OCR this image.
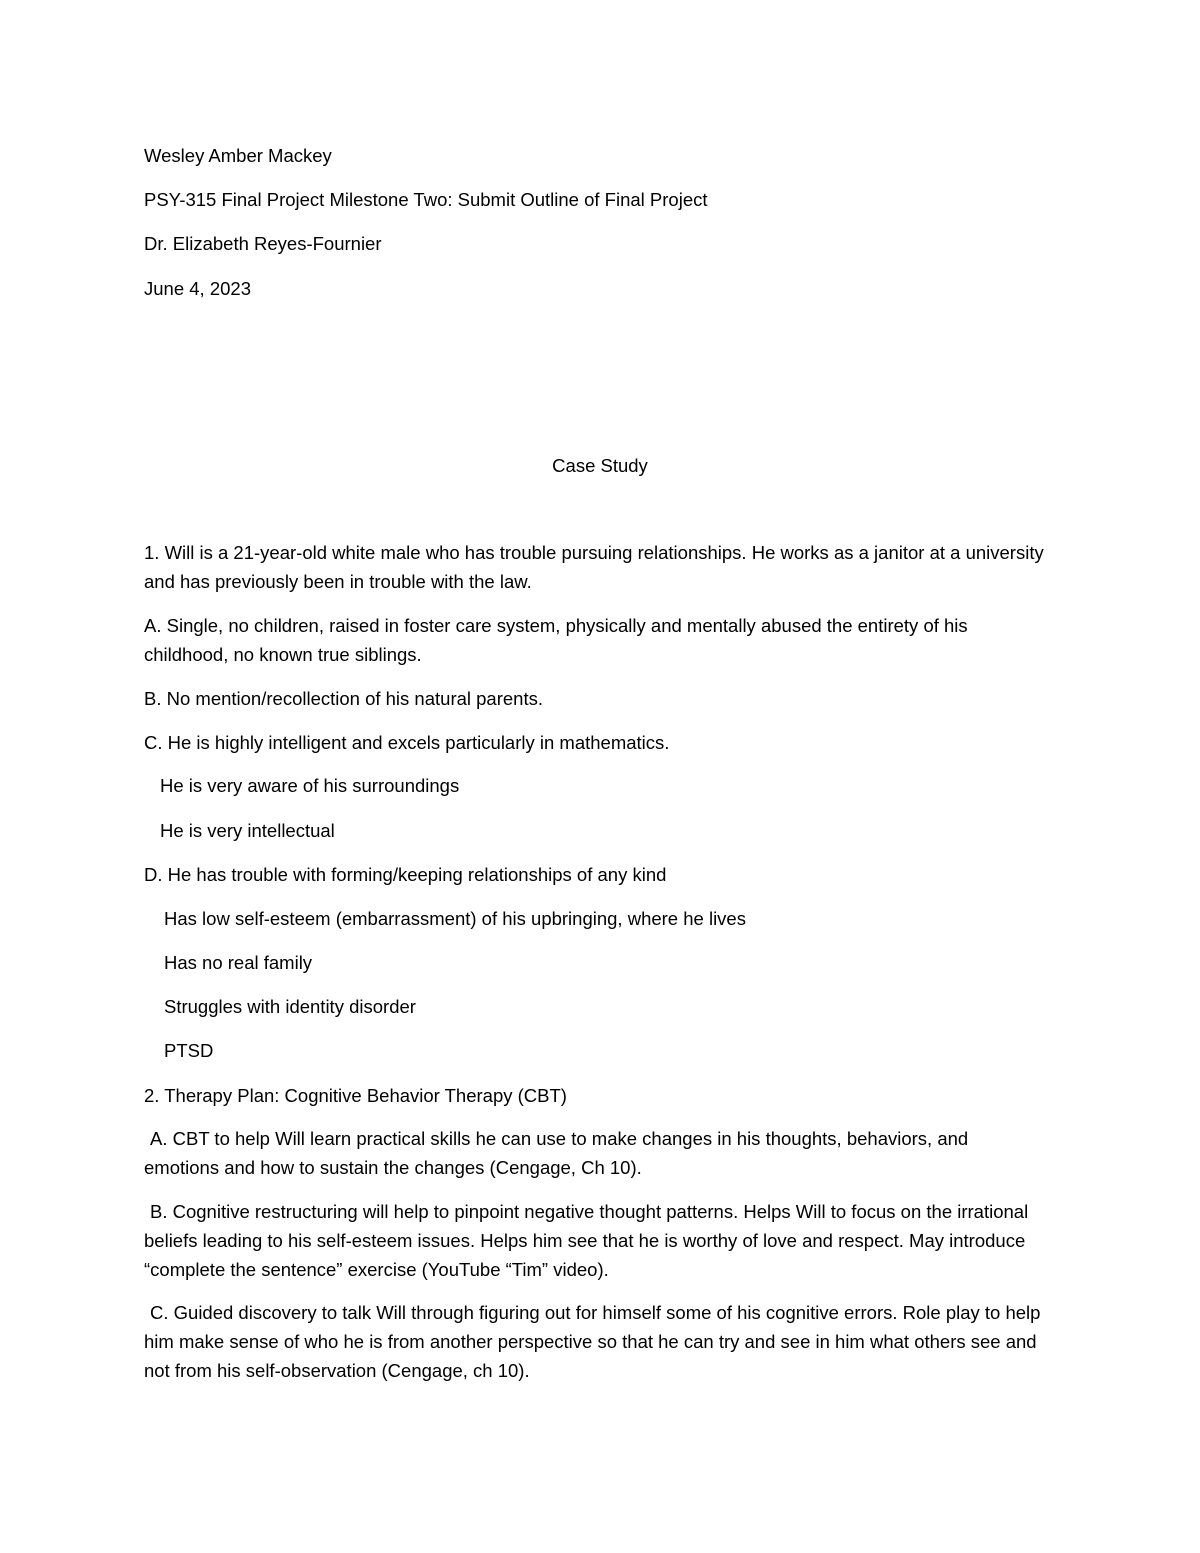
Wesley Amber Mackey

PSY-315 Final Project Milestone Two: Submit Outline of Final Project

Dr. Elizabeth Reyes-Fournier

June 4, 2023

Case Study

1. Will is a 21-year-old white male who has trouble pursuing relationships. He works as a janitor at a university and has previously been in trouble with the law.

A. Single, no children, raised in foster care system, physically and mentally abused the entirety of his childhood, no known true siblings.

B. No mention/recollection of his natural parents.

C. He is highly intelligent and excels particularly in mathematics.

He is very aware of his surroundings

He is very intellectual

D. He has trouble with forming/keeping relationships of any kind

Has low self-esteem (embarrassment) of his upbringing, where he lives

Has no real family

Struggles with identity disorder

PTSD

2. Therapy Plan: Cognitive Behavior Therapy (CBT)

A. CBT to help Will learn practical skills he can use to make changes in his thoughts, behaviors, and emotions and how to sustain the changes (Cengage, Ch 10).

B. Cognitive restructuring will help to pinpoint negative thought patterns. Helps Will to focus on the irrational beliefs leading to his self-esteem issues. Helps him see that he is worthy of love and respect. May introduce “complete the sentence” exercise (YouTube “Tim” video).

C. Guided discovery to talk Will through figuring out for himself some of his cognitive errors. Role play to help him make sense of who he is from another perspective so that he can try and see in him what others see and not from his self-observation (Cengage, ch 10).
